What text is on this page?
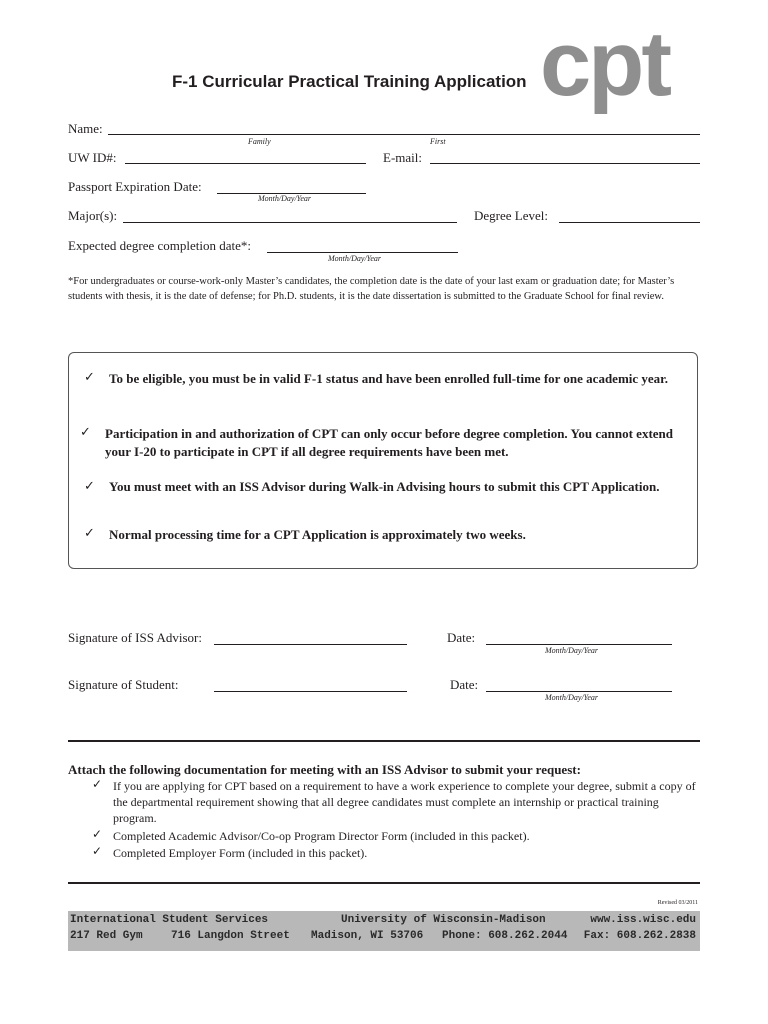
cpt
F-1 Curricular Practical Training Application
Name:
Family	First
UW ID#:	E-mail:
Passport Expiration Date:
Month/Day/Year
Major(s):	Degree Level:
Expected degree completion date*:
Month/Day/Year
*For undergraduates or course-work-only Master’s candidates, the completion date is the date of your last exam or graduation date; for Master’s students with thesis, it is the date of defense; for Ph.D. students, it is the date dissertation is submitted to the Graduate School for final review.
✓ To be eligible, you must be in valid F-1 status and have been enrolled full-time for one academic year.
✓ Participation in and authorization of CPT can only occur before degree completion. You cannot extend your I-20 to participate in CPT if all degree requirements have been met.
✓ You must meet with an ISS Advisor during Walk-in Advising hours to submit this CPT Application.
✓ Normal processing time for a CPT Application is approximately two weeks.
Signature of ISS Advisor:	Date:
Month/Day/Year
Signature of Student:	Date:
Month/Day/Year
Attach the following documentation for meeting with an ISS Advisor to submit your request:
✓ If you are applying for CPT based on a requirement to have a work experience to complete your degree, submit a copy of the departmental requirement showing that all degree candidates must complete an internship or practical training program.
✓ Completed Academic Advisor/Co-op Program Director Form (included in this packet).
✓ Completed Employer Form (included in this packet).
Revised 03/2011
International Student Services	University of Wisconsin-Madison	www.iss.wisc.edu
217 Red Gym	716 Langdon Street Madison, WI 53706 Phone: 608.262.2044 Fax: 608.262.2838
